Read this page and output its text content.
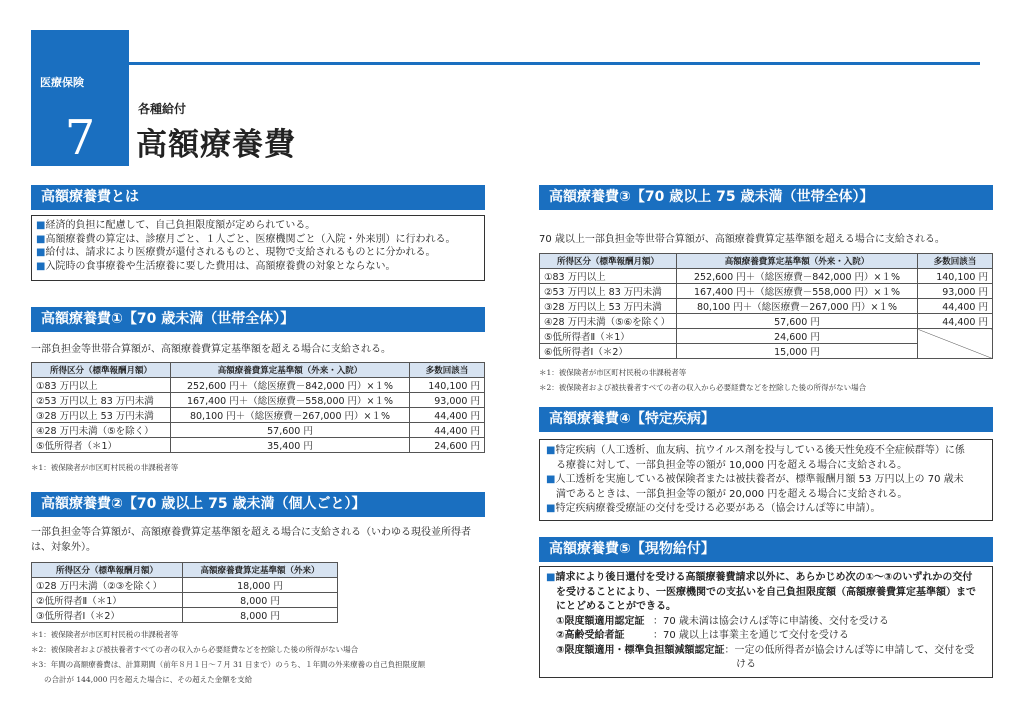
医療保険
7
各種給付
高額療養費
高額療養費とは
■経済的負担に配慮して、自己負担限度額が定められている。
■高額療養費の算定は、診療月ごと、１人ごと、医療機関ごと（入院・外来別）に行われる。
■給付は、請求により医療費が還付されるものと、現物で支給されるものとに分かれる。
■入院時の食事療養や生活療養に要した費用は、高額療養費の対象とならない。
高額療養費①【70 歳未満（世帯全体）】
一部負担金等世帯合算額が、高額療養費算定基準額を超える場合に支給される。
所得区分（標準報酬月額）	高額療養費算定基準額（外来・入院）	多数回該当
①83 万円以上	252,600 円＋（総医療費－842,000 円）×１%	140,100 円
②53 万円以上 83 万円未満	167,400 円＋（総医療費－558,000 円）×１%	93,000 円
③28 万円以上 53 万円未満	80,100 円＋（総医療費－267,000 円）×１%	44,400 円
④28 万円未満（⑤を除く）	57,600 円	44,400 円
⑤低所得者（＊1）	35,400 円	24,600 円
＊1：被保険者が市区町村民税の非課税者等
高額療養費②【70 歳以上 75 歳未満（個人ごと）】
一部負担金等合算額が、高額療養費算定基準額を超える場合に支給される（いわゆる現役並所得者
は、対象外）。
所得区分（標準報酬月額）	高額療養費算定基準額（外来）
①28 万円未満（②③を除く）	18,000 円
②低所得者Ⅱ（＊1）	8,000 円
③低所得者Ⅰ（＊2）	8,000 円
＊1：被保険者が市区町村民税の非課税者等
＊2：被保険者および被扶養者すべての者の収入から必要経費などを控除した後の所得がない場合
＊3：年間の高額療養費は、計算期間（前年８月１日～７月 31 日まで）のうち、１年間の外来療養の自己負担限度額
の合計が 144,000 円を超えた場合に、その超えた金額を支給
高額療養費③【70 歳以上 75 歳未満（世帯全体）】
70 歳以上一部負担金等世帯合算額が、高額療養費算定基準額を超える場合に支給される。
所得区分（標準報酬月額）	高額療養費算定基準額（外来・入院）	多数回該当
①83 万円以上	252,600 円＋（総医療費－842,000 円）×１%	140,100 円
②53 万円以上 83 万円未満	167,400 円＋（総医療費－558,000 円）×１%	93,000 円
③28 万円以上 53 万円未満	80,100 円＋（総医療費－267,000 円）×１%	44,400 円
④28 万円未満（⑤⑥を除く）	57,600 円	44,400 円
⑤低所得者Ⅱ（＊1）	24,600 円	
⑥低所得者Ⅰ（＊2）	15,000 円	
＊1：被保険者が市区町村民税の非課税者等
＊2：被保険者および被扶養者すべての者の収入から必要経費などを控除した後の所得がない場合
高額療養費④【特定疾病】
■特定疾病（人工透析、血友病、抗ウイルス剤を投与している後天性免疫不全症候群等）に係
る療養に対して、一部負担金等の額が 10,000 円を超える場合に支給される。
■人工透析を実施している被保険者または被扶養者が、標準報酬月額 53 万円以上の 70 歳未
満であるときは、一部負担金等の額が 20,000 円を超える場合に支給される。
■特定疾病療養受療証の交付を受ける必要がある（協会けんぽ等に申請）。
高額療養費⑤【現物給付】
■請求により後日還付を受ける高額療養費請求以外に、あらかじめ次の①～③のいずれかの交付
を受けることにより、一医療機関での支払いを自己負担限度額（高額療養費算定基準額）まで
にとどめることができる。
①限度額適用認定証 ：70 歳未満は協会けんぽ等に申請後、交付を受ける
②高齢受給者証	：70 歳以上は事業主を通じて交付を受ける
③限度額適用・標準負担額減額認定証：一定の低所得者が協会けんぽ等に申請して、交付を受
ける
